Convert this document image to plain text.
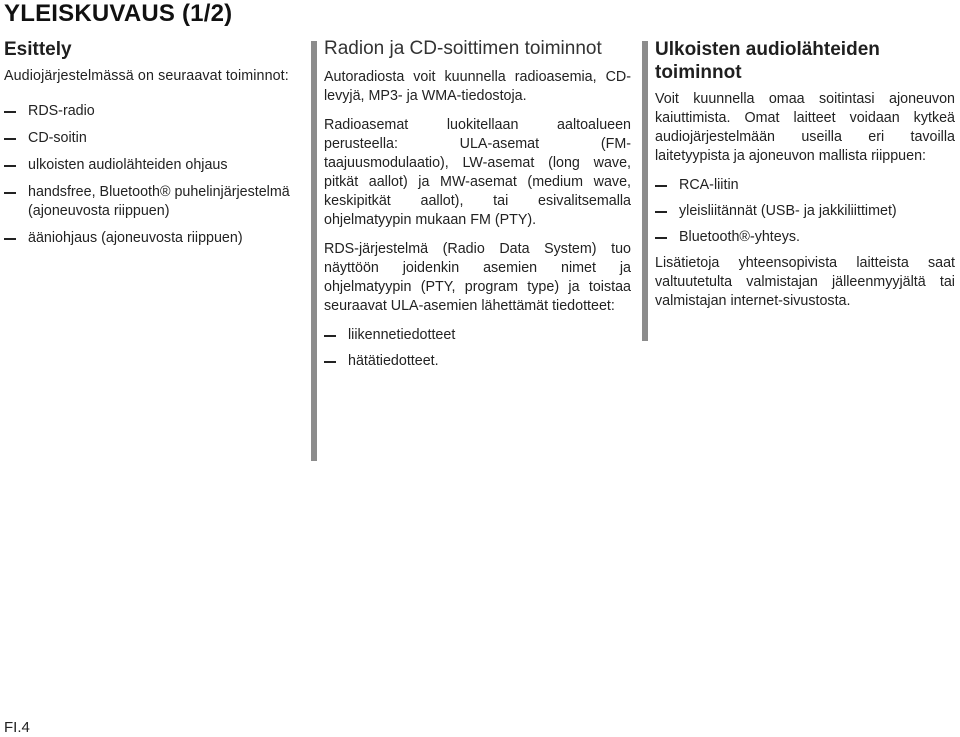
YLEISKUVAUS (1/2)
Esittely

Audiojärjestelmässä on seuraavat toiminnot:

RDS-radio
CD-soitin
ulkoisten audiolähteiden ohjaus
handsfree, Bluetooth® puhelinjärjestelmä (ajoneuvosta riippuen)
ääniohjaus (ajoneuvosta riippuen)
Radion ja CD-soittimen toiminnot

Autoradiosta voit kuunnella radioasemia, CD-levyjä, MP3- ja WMA-tiedostoja.

Radioasemat luokitellaan aaltoalueen perusteella: ULA-asemat (FM-taajuusmodulaatio), LW-asemat (long wave, pitkät aallot) ja MW-asemat (medium wave, keskipitkät aallot), tai esivalitsemalla ohjelmatyypin mukaan FM (PTY).

RDS-järjestelmä (Radio Data System) tuo näyttöön joidenkin asemien nimet ja ohjelmatyypin (PTY, program type) ja toistaa seuraavat ULA-asemien lähettämät tiedotteet:

liikennetiedotteet
hätätiedotteet.
Ulkoisten audiolähteiden toiminnot

Voit kuunnella omaa soitintasi ajoneuvon kaiuttimista. Omat laitteet voidaan kytkeä audiojärjestelmään useilla eri tavoilla laitetyypista ja ajoneuvon mallista riippuen:

RCA-liitin
yleisliitännät (USB- ja jakkiliittimet)
Bluetooth®-yhteys.

Lisätietoja yhteensopivista laitteista saat valtuutetulta valmistajan jälleenmyyjältä tai valmistajan internet-sivustosta.

FI.4
